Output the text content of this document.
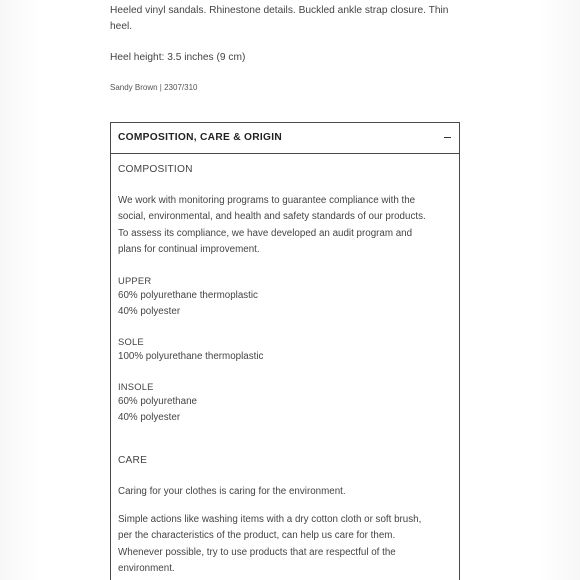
Heeled vinyl sandals. Rhinestone details. Buckled ankle strap closure. Thin heel.
Heel height: 3.5 inches (9 cm)
Sandy Brown | 2307/310
COMPOSITION, CARE & ORIGIN
COMPOSITION
We work with monitoring programs to guarantee compliance with the
social, environmental, and health and safety standards of our products.
To assess its compliance, we have developed an audit program and
plans for continual improvement.
UPPER
60% polyurethane thermoplastic
40% polyester
SOLE
100% polyurethane thermoplastic
INSOLE
60% polyurethane
40% polyester
CARE
Caring for your clothes is caring for the environment.
Simple actions like washing items with a dry cotton cloth or soft brush,
per the characteristics of the product, can help us care for them.
Whenever possible, try to use products that are respectful of the
environment.
